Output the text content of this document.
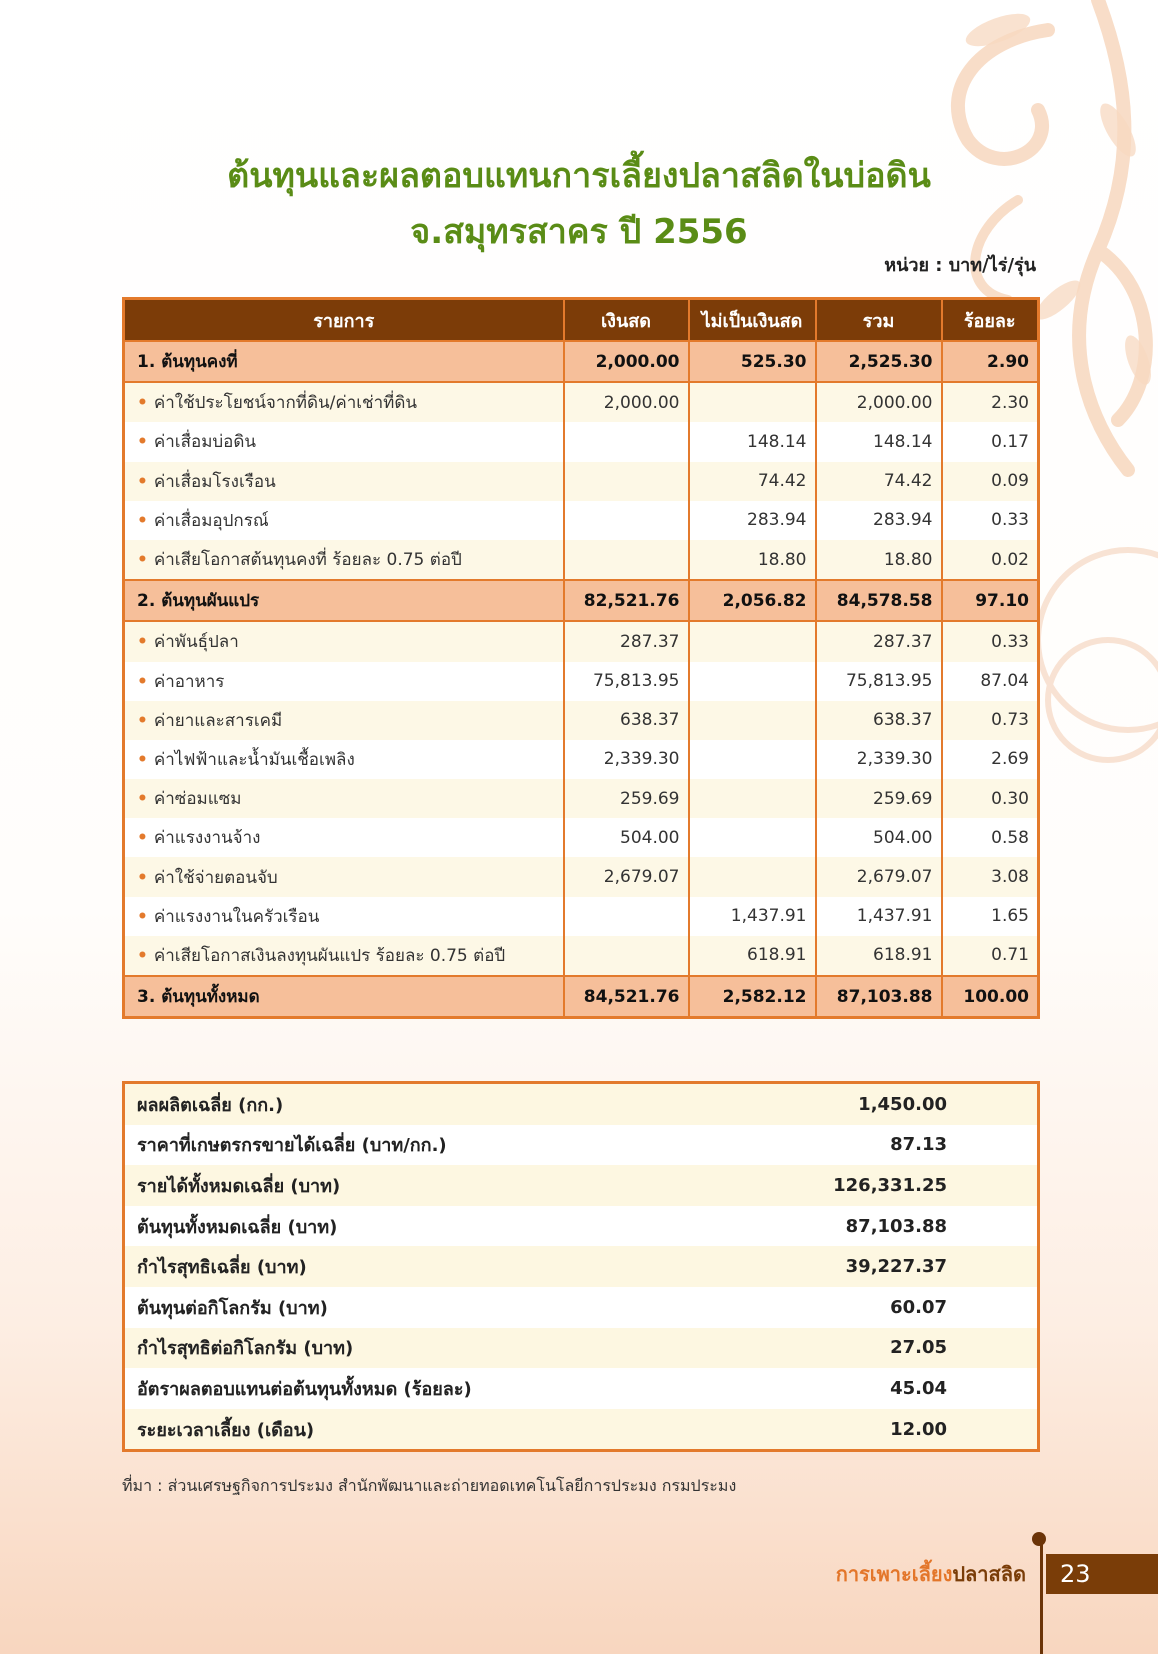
ต้นทุนและผลตอบแทนการเลี้ยงปลาสลิดในบ่อดิน
จ.สมุทรสาคร ปี 2556
หน่วย : บาท/ไร่/รุ่น
รายการ	เงินสด	ไม่เป็นเงินสด	รวม	ร้อยละ
1. ต้นทุนคงที่	2,000.00	525.30	2,525.30	2.90
• ค่าใช้ประโยชน์จากที่ดิน/ค่าเช่าที่ดิน	2,000.00		2,000.00	2.30
• ค่าเสื่อมบ่อดิน		148.14	148.14	0.17
• ค่าเสื่อมโรงเรือน		74.42	74.42	0.09
• ค่าเสื่อมอุปกรณ์		283.94	283.94	0.33
• ค่าเสียโอกาสต้นทุนคงที่ ร้อยละ 0.75 ต่อปี		18.80	18.80	0.02
2. ต้นทุนผันแปร	82,521.76	2,056.82	84,578.58	97.10
• ค่าพันธุ์ปลา	287.37		287.37	0.33
• ค่าอาหาร	75,813.95		75,813.95	87.04
• ค่ายาและสารเคมี	638.37		638.37	0.73
• ค่าไฟฟ้าและน้ำมันเชื้อเพลิง	2,339.30		2,339.30	2.69
• ค่าซ่อมแซม	259.69		259.69	0.30
• ค่าแรงงานจ้าง	504.00		504.00	0.58
• ค่าใช้จ่ายตอนจับ	2,679.07		2,679.07	3.08
• ค่าแรงงานในครัวเรือน		1,437.91	1,437.91	1.65
• ค่าเสียโอกาสเงินลงทุนผันแปร ร้อยละ 0.75 ต่อปี		618.91	618.91	0.71
3. ต้นทุนทั้งหมด	84,521.76	2,582.12	87,103.88	100.00
ผลผลิตเฉลี่ย (กก.)	1,450.00
ราคาที่เกษตรกรขายได้เฉลี่ย (บาท/กก.)	87.13
รายได้ทั้งหมดเฉลี่ย (บาท)	126,331.25
ต้นทุนทั้งหมดเฉลี่ย (บาท)	87,103.88
กำไรสุทธิเฉลี่ย (บาท)	39,227.37
ต้นทุนต่อกิโลกรัม (บาท)	60.07
กำไรสุทธิต่อกิโลกรัม (บาท)	27.05
อัตราผลตอบแทนต่อต้นทุนทั้งหมด (ร้อยละ)	45.04
ระยะเวลาเลี้ยง (เดือน)	12.00
ที่มา : ส่วนเศรษฐกิจการประมง สำนักพัฒนาและถ่ายทอดเทคโนโลยีการประมง กรมประมง
การเพาะเลี้ยงปลาสลิด	23
